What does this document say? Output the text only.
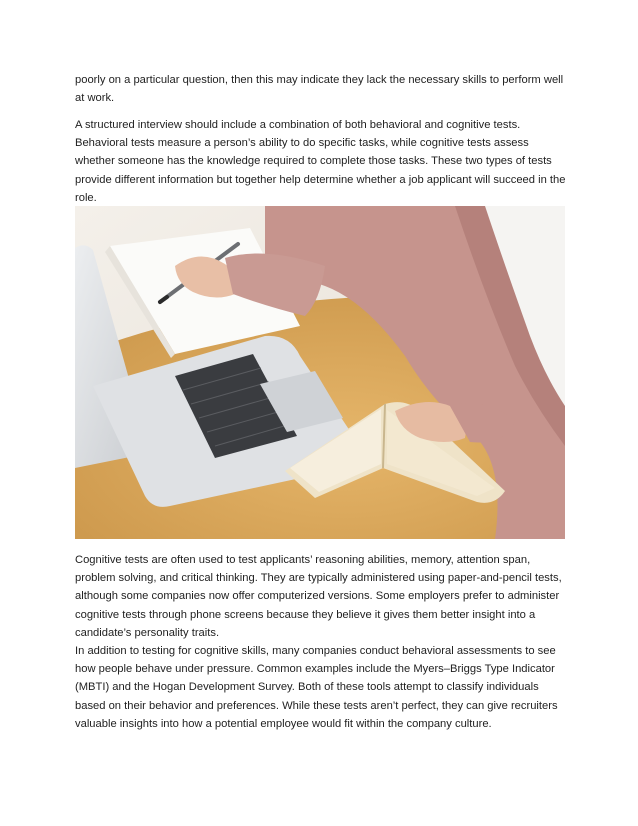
poorly on a particular question, then this may indicate they lack the necessary skills to perform well at work.

A structured interview should include a combination of both behavioral and cognitive tests. Behavioral tests measure a person’s ability to do specific tasks, while cognitive tests assess whether someone has the knowledge required to complete those tasks. These two types of tests provide different information but together help determine whether a job applicant will succeed in the role.

Cognitive tests are often used to test applicants’ reasoning abilities, memory, attention span, problem solving, and critical thinking. They are typically administered using paper-and-pencil tests, although some companies now offer computerized versions. Some employers prefer to administer cognitive tests through phone screens because they believe it gives them better insight into a candidate’s personality traits.

In addition to testing for cognitive skills, many companies conduct behavioral assessments to see how people behave under pressure. Common examples include the Myers–Briggs Type Indicator (MBTI) and the Hogan Development Survey. Both of these tools attempt to classify individuals based on their behavior and preferences. While these tests aren’t perfect, they can give recruiters valuable insights into how a potential employee would fit within the company culture.
